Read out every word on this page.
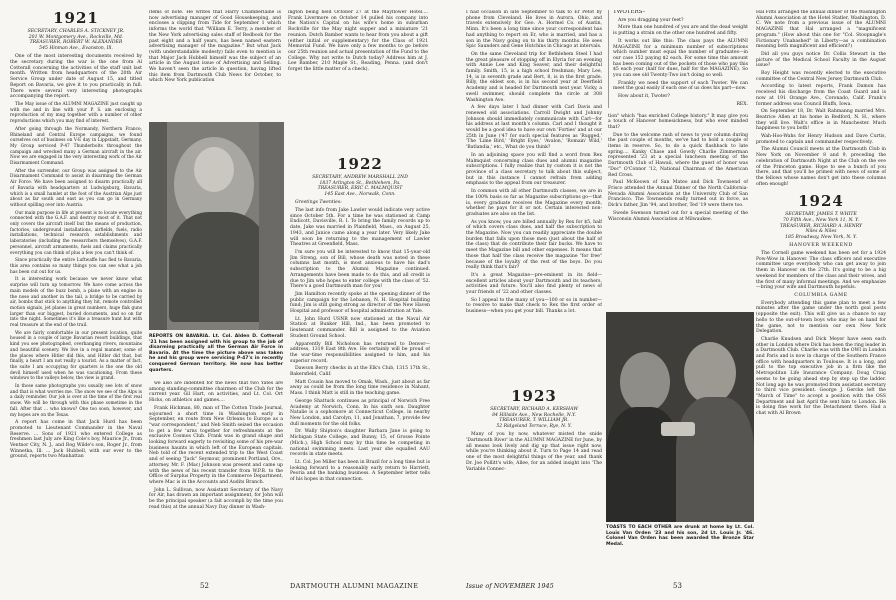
1921
SECRETARY, CHARLES A. STICKNEY JR.
201 W. Montgomery Ave., Rockville, Md.
TREASURER, ROBERT W. ALEXANDER
545 Hinman Ave., Evanston, Ill.

One of the most interesting documents received by the secretary during the war is the one from Al Cotterall concerning the activities of the staff unit last month. Written from headquarters of the 20th Air Service Group under date of August 15, and titled Report on Bavaria, we give it to you practically in full. There were several very interesting photographs accompanying the report.

The May issue of the ALUMNI MAGAZINE just caught up with me and in line with your P. S. am enclosing a reproduction of my mug together with a number of other reproductions which you may find of interest.

After going through the Normandy, Northern France, Rhineland and Central Europe campaigns, we found ourselves out of business on V-E day in Lippstadt, Germany. My Group serviced P-47 Thunderbolts throughout the campaign and wrecked many a German aircraft in the air. Now we are engaged in the very interesting work of the Air Disarmament Command.

After the surrender, our Group was assigned to the Air Disarmament Command to assist in disarming the German Air Force. We have been assigned to disarm practically all of Bavaria with headquarters at Ludwigsburg, Bavaria, which is a small hamlet at the foot of the Austrian Alps just about as far south and east as you can go in Germany without spilling over into Austria.

Our main purpose in life at present is to locate everything connected with the G.A.F. and destroy most of it. That not only covers the aircraft itself but the means of production, factories, underground installations, airfields, fuels, radio installations, technical research establishments and laboratories (including the researchers themselves), G.A.F. personnel, aircraft armaments, fuels and claims practically everything you can think of plus a few you can't think of.

Since practically the entire Luftwaffe has fled to Bavaria, this area contains so many things you can see what a job has been cut out for us.

It is interesting work because we never know what surprise will turn up tomorrow. We have come across the main models of the buzz bomb, a plane with an engine in the nose and another in the tail, a bridge to be carried by air, bombs that stick to anything they hit, remote controlled motion signals, jet planes in great numbers, huge flak guns larger than our biggest, buried documents, and so on far into the night. Sometimes it's like a treasure hunt but with real treasure at the end of the trail.

We are fairly comfortable in our present location, quite housed in a couple of large Bavarian resort buildings, that kind you see photographed, overhanging rivers, mountains and beautiful scenery. We live in a regal manner, some of the places where Hitler did this, and Hitler did that, but finally, a heart I am not really a tourist. As a matter of fact, the suite I am occupying for quarters is the one the old devil himself used when he was vacationing. From these windows to the valleys below, the view is grand.

In those same photographs you usually see lots of snow and that is what worries me. The snow we see of the Alps is a daily reminder. Our job is over at the time of the first real snow. We will be through with this phase sometime in the fall. After that ... who knows? One too soon, however, and my hopes are on the Texas.

A report has come in that Jack Hurd has been promoted to Lieutenant Commander in the Naval Reserve. ... Sons of 1921 who entered College as freshmen last July are King Cole's boy, Maurice Jr., from Ventnor City, N. J., and Rog Wilde's son, Roger Jr., from Winnetka, Ill. ... Jack Hubbell, with our ever to the ground, reports two Manhattan

items of note. He writes that Harry Chamberlaine is now advertising manager of Good Housekeeping, and encloses a clipping from Tide for September 1 which informs the world that "William E. Terry, a member of the New York advertising sales staff of Redbook for the past eight and a half years, has been named eastern advertising manager of the magazine." But what Jack (with understandable modesty) fails even to mention is that Major Jack Hubbell himself was the subject of an article in the August issue of Advertising and Selling. We haven't seen the article in question, having lifted this item from Dartmouth Club News for October, to which New York publication

ington being held October 27 at the Mayflower Hotel.... Frank Livermore on October 14 pulled his company into the Nation's Capital on his wife's home in suburban Rockville for the May night supper and a miniature '21 reunion. Dutch Bamber wants to hear from you about a gift (either initial or supplementary) for the Class of 1921 Memorial Fund. We have only a few months to go before our 25th reunion and actual presentation of the Fund to the College. Why not write to Dutch today? Address him at J. Lee Bamber, 210 Maple St., Reading, Penna. (and don't forget the little matter of a check).

REPORTS ON BAVARIA. Lt. Col. Alden D. Cotterall '21 has been assigned with his group to the job of disarming practically all the German Air Force in Bavaria. At the time the picture above was taken he and his group were servicing P-47's in recently conquered German territory. He now has better quarters.

we also are indebted for the news that two Yates are among standing-committee chairmen of the Club for the current year. Gil Hart, on activities, and Lt. Col. Ort Hicks, on athletics and games....

Frank Hickman, 80, man of The Cotton Trade Journal, sojourned a short time in Washington early in September, en route from New Orleans to Europe as a "war correspondent," and Neb Smith seized the occasion to get a few 'urns together for refreshments at the exclusive Cosmos Club. Frank was in grand shape and looking forward eagerly to revisiting some of his pre-war business haunts in which left of the European capitals. Neb told of the recent extended trip to the West Coast and of seeing "Jack" Seymour, prominent Portland, Ore., attorney. Mr. F. (Mac) Johnson was present and came up with the news of his recent transfer from W.P.B. to the Office of Surplus Property in the Commerce Department, where Mac is in the Accounts and Audits Branch.

John L. Sullivan, now Assistant Secretary of the Navy for Air, has drawn an important assignment, for John will be the principal speaker (a fait accompli by the time you read this) at the annual Navy Day dinner in Wash-

1922
SECRETARY, ANDREW MARSHALL 2ND
1837 Arlington St., Bethlehem, Pa.
TREASURER, ERIC C. MALMQUIST
145 East Ave., Norwalk, Conn.

Greetings Twenties:

The last info from Jake Lawler would indicate very active since October 5th. For a time he was stationed at Camp Endicott, Davisville, R. I. To bring the family records up to date, Jake was married in Plainfield, Mass., on August 25, 1943, and Janice came along a year later. Very likely Jake will soon be returning to the management of Lawler Theatres at Greenfield, Mass.

I'm sure you will be interested to know that 15-year-old Jim Streng, son of Bill, whose death was noted in these columns last month, is most anxious to have his dad's subscription to the Alumni Magazine continued. Arrangements have been made to do this, and all credit is due to Jim who hopes to enter college with the class of '52. There's a good Dartmouth man for you!

Jim Hamilton recently spoke at the opening dinner of the public campaign for the Lebanon, N. H. Hospital building fund; Jim is still going strong as director of the New Haven Hospital and professor of hospital administration at Yale.

Lt. John Hurd USNR now stationed at the Naval Air Station at Bunker Hill, Ind., has been promoted to lieutenant commander. Bill is assigned to the Aviation Student Ground School.

Apparently Bill Nicholson has returned to Denver—address, 1319 East 8th Ave. He certainly will be proud of the war-time responsibilities assigned to him, and his superior record.

Dawson Berry checks in at the Elk's Club, 1315 17th St., Bakersfield, Calif.

Matt Cousin has moved to Omak, Wash., just about as far away as could be from the long time residence in Nahant, Mass. I think Matt is still in the teaching game.

George Shattuck continues as principal of Norwich Free Academy at Norwich, Conn. In his sixth son. Daughter Natalie is a sophomore at Connecticut College, in nearby New London, and Carolyn, 11, and Jonathan, 7, provide few dull moments for the old folks.

Dr. Wally Shipton's daughter Barbara Jane is going to Michigan State College, and Bunny, 15, of Grosse Pointe (Mich.), High School may by this time be competing in national swimming meets. Last year she equalled AAU records in state meets.

Lt. Col. Joe Miller has been in Brazil for a long time but is looking forward to a reasonably early return to Harriett, Peoria and the banking business. A September letter tells of his hopes in that connection.

52	DARTMOUTH ALUMNI MAGAZINE

I had occasion in late September to talk to Er Petot by phone from Cleveland. He lives in Aurora, Ohio, and travels extensively for Geo. A. Hormel Co. of Austin, Minn. It's been a long time since your correspondent has had anything to report on Er, who is married, and has a son in the Navy going on to his thirty months. He sees Spic Saunders and Gene Hutchins in Chicago at intervals.

On the same Cleveland trip for Bethlehem Steel I had the great pleasure of stopping off in Elyria for an evening with Annie Lee and King Seaver, and their delightful family. Smith, 15, is a high school freshman; Mary Lee, 14, is in seventh grade and Bert, 8, is in the first grade. Billy, the eldest son, is in his second year at Deerfield Academy and is headed for Dartmouth next year. Vicky, a swell swimmer, should complete the circle at 308 Washington Ave.

A few days later I had dinner with Carl Davis and renewed old associations. Carroll Dwight and Johnny Johnson should immediately communicate with Carl—for his address at last month's column. Carl and I thought it would be a good idea to have our own 'Forties' and at our 25th in June ('47 for such special features as 'Rugged,' 'The 'Lime Bird,' 'Bright Eyes,' 'Avalon,' 'Romain' Wild,' 'Batlandia,' etc., What do you think?

In an adjoining space you will find a word from Rex Malmquist concerning class dues and alumni magazine subscriptions. I fully realize that by custom it is not the province of a class secretary to talk about this subject, but in this instance I cannot refrain from adding emphasis to the appeal from our treasurer.

In common with all other Dartmouth classes, we are in the 100% basis so far as Magazine subscriptions go—that is, every graduate receives the Magazine every month, whether he pays for it or not. Certain interested non-graduates are also on the list.

As you know, you are billed annually by Rex for $5, half of which covers class dues, and half the subscription to the Magazine. Now you can readily appreciate the double burden that falls upon those men (just about the half of the class) that do contribute their fair bucks. We have to meet the Magazine bill and other expenses. It means that those that half the class receive the magazine "for free" because of the loyalty of the rest of the boys. Do you really think that's fair?

It's a great Magazine—pre-eminent in its field—excellent articles about your Dartmouth and its teachers, activities and future. You'll also find plenty of news of your friends of '22 and other classes.

So I appeal to the many of you—100 or so in number—to resolve to make that check to Rex the first order of business—when you get your bill. Thanks a lot.

1923
SECRETARY, RICHARD A. KERSHAW
84 Hillside Ave., New Rochelle, N.Y.
TREASURER, T. WILLIAM JR.
52 Ridgeland Terrace, Rye, N. Y.

Many of you by now, whatever misted the snide 'Dartmouth River' in the ALUMNI MAGAZINE for June, by all means look lively and dig up that issue right now, while you're thinking about it. Turn to Page 14 and read one of the most delightful things of the year, and thank Dr. Joe Pollitt's wife, Allee, for an added insight into 'The Variable Connec-

TOASTS TO EACH OTHER are drunk at home by Lt. Col. Louis Van Orden '23 and his son, 2d Lt. Louis Jr. '46. Colonel Van Orden has been awarded the Bronze Star Medal.

TWOTERS–

Are you dragging your feet?

More than one hundred of you are and the dead weight is putting a strain on the other one hundred and fifty.

It works out like this: The class pays the ALUMNI MAGAZINE for a minimum number of subscriptions which number must equal the number of graduates—in our case 152 paying $2 each. For some time this amount has been coming out of the pockets of those who pay this $5 each year (half for dues, half for the MAGAZINE). So you can see old Twenty-Two isn't doing so well.

Frankly we need the support of each Twoter. We can meet the goal easily if each one of us does his part—now.

How about it, Twoter?

REX.

tion" which "has enriched College history." It may give you a touch of Hanover homesickness, but who ever minded that?

Due to the welcome rash of news to your column during the past couple of months, we've had to hold a couple of items in reserve. So, to do a quick flashback to late spring.... Kanky Chase and Gowdy Charlie Zimmerman represented '23 at a special luncheon meeting of the Dartmouth Club of Hawaii, where the guest of honor was "Doc" O'Connor '12, National Chairman of the American Red Cross.

Paul McKeown of San Mateo and Dick Townsend of Frisco attended the Annual Dinner of the North California-Nevada Alumni Association at the University Club of San Francisco. The Townsends really turned out in force, as Dick's father, Jim '94, and brother, Ted '19 were there too.

Swede Swenson turned out for a special meeting of the Wisconsin Alumni Association at Milwaukee.

Hal Fitts arranged the annual dinner of the Washington Alumni Association at the Hotel Statler, Washington, D. C. We note from a previous issue of the ALUMNI MAGAZINE that Hal arranged a "magnificent program." (How about this one for "Col. Stoopnagle's Fictionary Unabashed" in Liberty—as a combination meaning both magnificent and efficient?)

Did all you guys notice Dr. Collis Stewart in the picture of the Medical School Faculty in the August issue?

Roy Height was recently elected to the executive committee of the Central New Jersey Dartmouth Club.

According to latest reports, Frank Damon has received his discharge from the Coast Guard and is now at 191 Orange Ave., Coronado, Calif. Frank's former address was Council Bluffs, Iowa.

On September 18, Dr. Walt Rahmanng married Mrs. Beatrice Allen at his home in Bedford, N. H., where they will live. Walt's office is in Manchester. Much happiness to you both!

Wah-Hoo-Wahs for Henry Hudson and Dave Curtis, promoted to captain and commander respectively.

The Alumni Council meets at the Dartmouth Club in New York on November 8 and 9, preceding the celebration of Dartmouth Night at the Club on the eve of the Princeton game. Hope to see a bunch of you there, and that you'll be primed with news of some of the fellows whose names don't get into these columns often enough!

1924
SECRETARY, JAMES T. WHITE
70 Fifth Ave., New York 11, N. Y.
TREASURER, RICHARD A. HENRY
Niles & Niles
185 Broadway, New York, N. Y.
HANOVER WEEKEND

The Cornell game weekend has been set for a 1924 Pow-Wow in Hanover. The class officers and executive committee urge everybody who can get away to join them in Hanover on the 27th. It's going to be a big weekend for members of the class and their wives, and the first of many informal meetings. And we emphasize—bring your wife and Dartmouth hopefuls.

COLUMBIA GAME

Everybody attending this game plan to meet a few minutes after the game under the north goal posts (opposite the exit). This will give us a chance to say hello to the out-of-town boys who may be on hand for the game, not to mention our own New York Delegation.

Charlie Knudsen and Dick Meyer have seen each other in London where Dick has been the ring leader in a Dartmouth Club. Charlie was with the OWI in London and Paris and is now in charge of the Southern France office with headquarters in Toulouse. It is a long, and pull to the top executive job in a firm like the Metropolitan Life Insurance Company. Doug Craig seems to be going ahead step by step up the ladder. Not long ago he was promoted from assistant secretary to third vice president. George J. Gercke left the "March of Time" to accept a position with the OSS Department and last April the sent him to London. He is doing fine work for the Detachment there. Had a chat with Al Brown

Issue of NOVEMBER 1945	53
